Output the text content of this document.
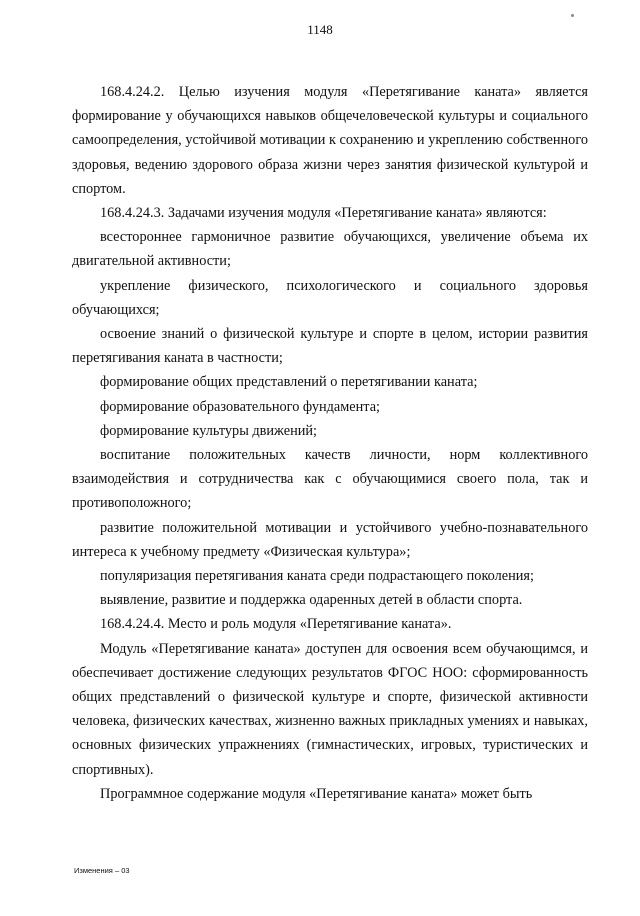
1148

168.4.24.2. Целью изучения модуля «Перетягивание каната» является формирование у обучающихся навыков общечеловеческой культуры и социального самоопределения, устойчивой мотивации к сохранению и укреплению собственного здоровья, ведению здорового образа жизни через занятия физической культурой и спортом.

168.4.24.3. Задачами изучения модуля «Перетягивание каната» являются:

всестороннее гармоничное развитие обучающихся, увеличение объема их двигательной активности;

укрепление физического, психологического и социального здоровья обучающихся;

освоение знаний о физической культуре и спорте в целом, истории развития перетягивания каната в частности;

формирование общих представлений о перетягивании каната;

формирование образовательного фундамента;

формирование культуры движений;

воспитание положительных качеств личности, норм коллективного взаимодействия и сотрудничества как с обучающимися своего пола, так и противоположного;

развитие положительной мотивации и устойчивого учебно-познавательного интереса к учебному предмету «Физическая культура»;

популяризация перетягивания каната среди подрастающего поколения;

выявление, развитие и поддержка одаренных детей в области спорта.

168.4.24.4. Место и роль модуля «Перетягивание каната».

Модуль «Перетягивание каната» доступен для освоения всем обучающимся, и обеспечивает достижение следующих результатов ФГОС НОО: сформированность общих представлений о физической культуре и спорте, физической активности человека, физических качествах, жизненно важных прикладных умениях и навыках, основных физических упражнениях (гимнастических, игровых, туристических и спортивных).

Программное содержание модуля «Перетягивание каната» может быть

Изменения – 03
